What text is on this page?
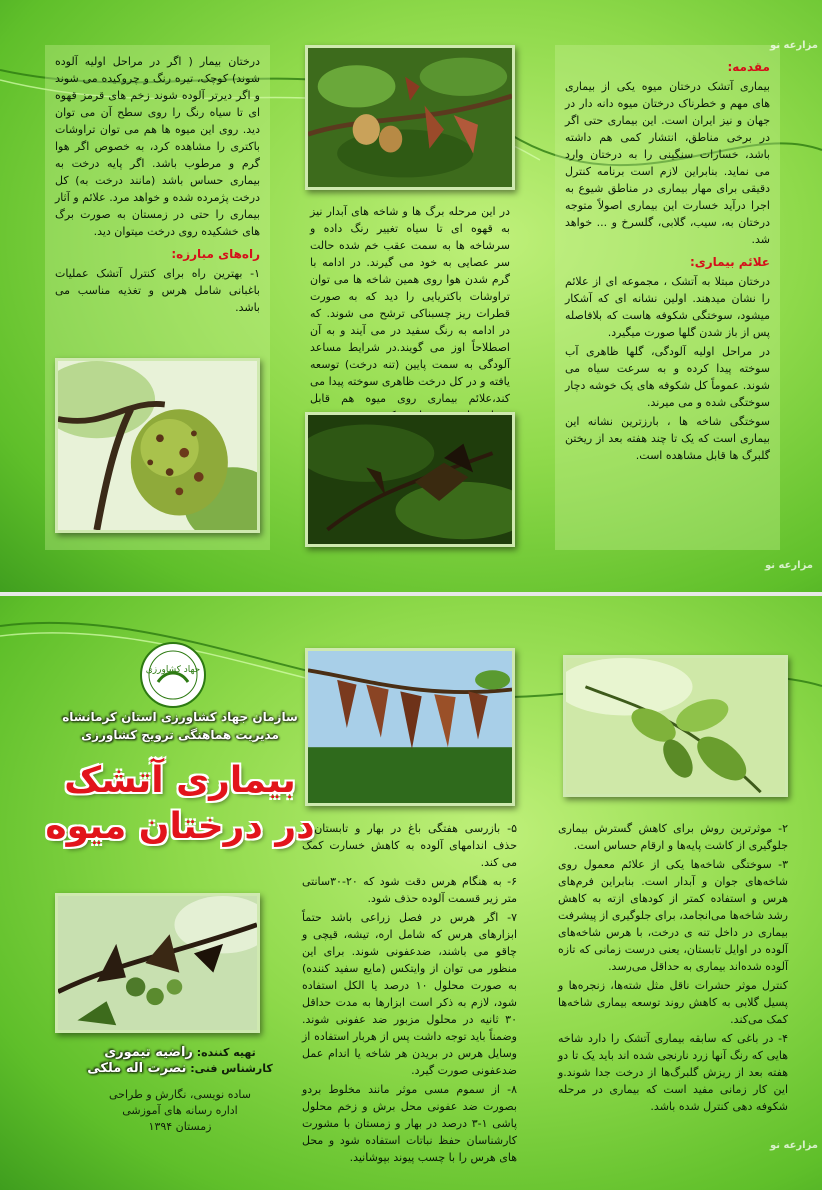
مقدمه:

بیماری آتشک درختان میوه یکی از بیماری های مهم و خطرناک درختان میوه دانه دار در جهان و نیز ایران است. این بیماری حتی اگر در برخی مناطق، انتشار کمی هم داشته باشد، خسارات سنگینی را به درختان وارد می نماید. بنابراین لازم است برنامه کنترل دقیقی برای مهار بیماری در مناطق شیوع به اجرا درآید خسارت این بیماری اصولاً متوجه درختان به، سیب، گلابی، گلسرخ و ... خواهد شد.

علائم بیماری:

درختان مبتلا به آتشک ، مجموعه ای از علائم را نشان میدهند. اولین نشانه ای که آشکار میشود، سوختگی شکوفه هاست که بلافاصله پس از باز شدن گلها صورت میگیرد.

در مراحل اولیه آلودگی، گلها ظاهری آب سوخته پیدا کرده و به سرعت سیاه می شوند. عموماً کل شکوفه های یک خوشه دچار سوختگی شده و می میرند.

سوختگی شاخه ها ، بارزترین نشانه این بیماری است که یک تا چند هفته بعد از ریختن گلبرگ ها قابل مشاهده است.

در این مرحله برگ ها و شاخه های آبدار نیز به قهوه ای تا سیاه تغییر رنگ داده و سرشاخه ها به سمت عقب خم شده حالت سر عصایی به خود می گیرند. در ادامه با گرم شدن هوا روی همین شاخه ها می توان تراوشات باکتریایی را دید که به صورت قطرات ریز چسبناکی ترشح می شوند. که در ادامه به رنگ سفید در می آیند و به آن اصطلاحاً اوز می گویند.در شرایط مساعد آلودگی به سمت پایین (تنه درخت) توسعه یافته و در کل درخت ظاهری سوخته پیدا می کند،علائم بیماری روی میوه هم قابل

درختان بیمار ( اگر در مراحل اولیه آلوده شوند) کوچک، تیره رنگ و چروکیده می شوند و اگر دیرتر آلوده شوند زخم های قرمز قهوه ای تا سیاه رنگ را روی سطح آن می توان دید. روی این میوه ها هم می توان تراوشات باکتری را مشاهده کرد، به خصوص اگر هوا گرم و مرطوب باشد. اگر پایه درخت به بیماری حساس باشد (مانند درخت به) کل درخت پژمرده شده و خواهد مرد. علائم و آثار بیماری را حتی در زمستان به صورت برگ های خشکیده روی درخت میتوان دید.

راه‌های مبارزه:

۱- بهترین راه برای کنترل آتشک عملیات باغبانی شامل هرس و تغذیه مناسب می باشد.

مزارعه نو
مزارعه نو

۲- موثرترین روش برای کاهش گسترش بیماری جلوگیری از کاشت پایه‌ها و ارقام حساس است.

۳- سوختگی شاخه‌ها یکی از علائم معمول روی شاخه‌های جوان و آبدار است. بنابراین فرم‌های هرس و استفاده کمتر از کودهای ازته به کاهش رشد شاخه‌ها می‌انجامد، برای جلوگیری از پیشرفت بیماری در داخل تنه ی درخت، با هرس شاخه‌های آلوده در اوایل تابستان، یعنی درست زمانی که تازه آلوده شده‌اند بیماری به حداقل می‌رسد.

کنترل موثر حشرات ناقل مثل شته‌ها، زنجره‌ها و پسیل گلابی به کاهش روند توسعه بیماری شاخه‌ها کمک می‌کند.

۴- در باغی که سابقه بیماری آتشک را دارد شاخه هایی که رنگ آنها زرد نارنجی شده اند باید یک تا دو هفته بعد از ریزش گلبرگ‌ها از درخت جدا شوند.و این کار زمانی مفید است که بیماری در مرحله شکوفه دهی کنترل شده باشد.

۵- بازرسی هفتگی باغ در بهار و تابستان و حذف اندامهای آلوده به کاهش خسارت کمک می کند.

۶- به هنگام هرس دقت شود که ۲۰-۳۰سانتی متر زیر قسمت آلوده حذف شود.

۷- اگر هرس در فصل زراعی باشد حتماً ابزارهای هرس که شامل اره، تیشه، قیچی و چاقو می باشند، ضدعفونی شوند. برای این منظور می توان از وایتکس (مایع سفید کننده) به صورت محلول ۱۰ درصد یا الکل استفاده شود، لازم به ذکر است ابزارها به مدت حداقل ۳۰ ثانیه در محلول مزبور ضد عفونی شوند. وضمناً باید توجه داشت پس از هربار استفاده از وسایل هرس در بریدن هر شاخه یا اندام عمل ضدعفونی صورت گیرد.

۸- از سموم مسی موثر مانند مخلوط بردو بصورت ضد عفونی محل برش و زخم محلول پاشی ۱-۳ درصد در بهار و زمستان با مشورت کارشناسان حفظ نباتات استفاده شود و محل های هرس را با چسب پیوند بپوشانید.

جهاد کشاورزی
سازمان جهاد کشاورزی استان کرمانشاه
مدیریت هماهنگی ترویج کشاورزی
بیماری آتشک
در درختان میوه
تهیه کننده: راضیه تیموری
کارشناس فنی: نصرت اله ملکی
ساده نویسی، نگارش و طراحی
اداره رسانه های آموزشی
زمستان ۱۳۹۴
مزارعه نو
